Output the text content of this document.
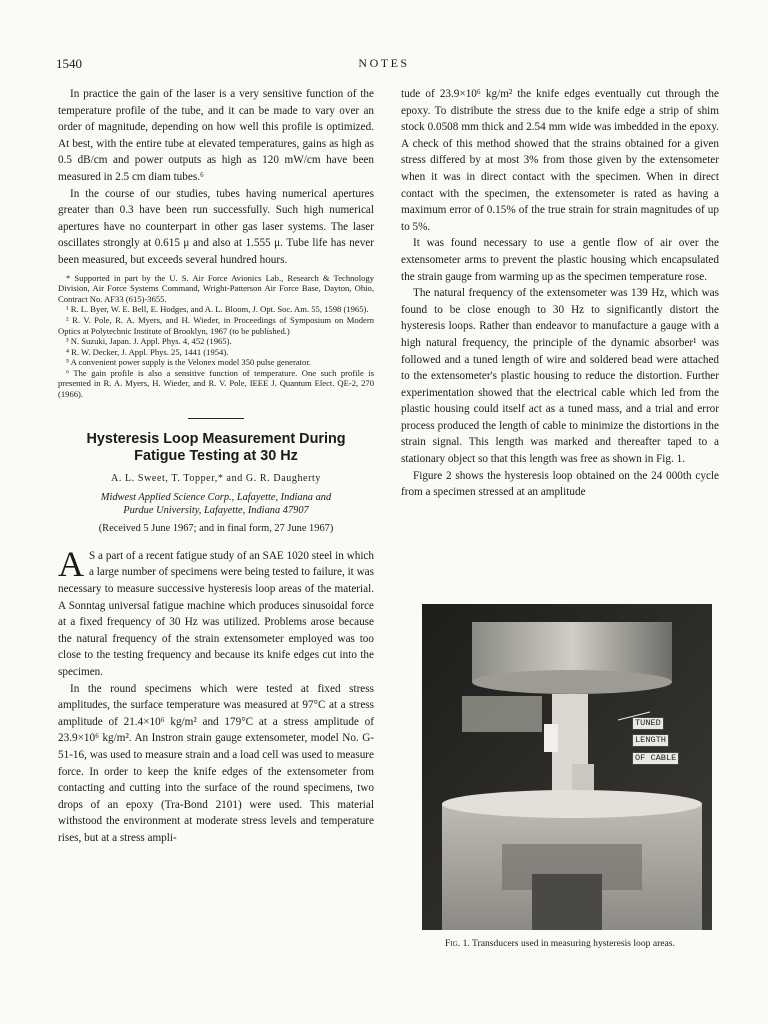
1540	NOTES

In practice the gain of the laser is a very sensitive function of the temperature profile of the tube, and it can be made to vary over an order of magnitude, depending on how well this profile is optimized. At best, with the entire tube at elevated temperatures, gains as high as 0.5 dB/cm and power outputs as high as 120 mW/cm have been measured in 2.5 cm diam tubes.⁶

In the course of our studies, tubes having numerical apertures greater than 0.3 have been run successfully. Such high numerical apertures have no counterpart in other gas laser systems. The laser oscillates strongly at 0.615 μ and also at 1.555 μ. Tube life has never been measured, but exceeds several hundred hours.

* Supported in part by the U. S. Air Force Avionics Lab., Research & Technology Division, Air Force Systems Command, Wright-Patterson Air Force Base, Dayton, Ohio, Contract No. AF33 (615)-3655.
¹ R. L. Byer, W. E. Bell, E. Hodges, and A. L. Bloom, J. Opt. Soc. Am. 55, 1598 (1965).
² R. V. Pole, R. A. Myers, and H. Wieder, in Proceedings of Symposium on Modern Optics at Polytechnic Institute of Brooklyn, 1967 (to be published.)
³ N. Suzuki, Japan. J. Appl. Phys. 4, 452 (1965).
⁴ R. W. Decker, J. Appl. Phys. 25, 1441 (1954).
⁵ A convenient power supply is the Velonex model 350 pulse generator.
⁶ The gain profile is also a sensitive function of temperature. One such profile is presented in R. A. Myers, H. Wieder, and R. V. Pole, IEEE J. Quantum Elect. QE-2, 270 (1966).
Hysteresis Loop Measurement During Fatigue Testing at 30 Hz
A. L. Sweet, T. Topper,* and G. R. Daugherty
Midwest Applied Science Corp., Lafayette, Indiana and
Purdue University, Lafayette, Indiana 47907
(Received 5 June 1967; and in final form, 27 June 1967)

A S a part of a recent fatigue study of an SAE 1020 steel in which a large number of specimens were being tested to failure, it was necessary to measure successive hysteresis loop areas of the material. A Sonntag universal fatigue machine which produces sinusoidal force at a fixed frequency of 30 Hz was utilized. Problems arose because the natural frequency of the strain extensometer employed was too close to the testing frequency and because its knife edges cut into the specimen.

In the round specimens which were tested at fixed stress amplitudes, the surface temperature was measured at 97°C at a stress amplitude of 21.4×10⁶ kg/m² and 179°C at a stress amplitude of 23.9×10⁶ kg/m². An Instron strain gauge extensometer, model No. G-51-16, was used to measure strain and a load cell was used to measure force. In order to keep the knife edges of the extensometer from contacting and cutting into the surface of the round specimens, two drops of an epoxy (Tra-Bond 2101) were used. This material withstood the environment at moderate stress levels and temperature rises, but at a stress ampli-

tude of 23.9×10⁶ kg/m² the knife edges eventually cut through the epoxy. To distribute the stress due to the knife edge a strip of shim stock 0.0508 mm thick and 2.54 mm wide was imbedded in the epoxy. A check of this method showed that the strains obtained for a given stress differed by at most 3% from those given by the extensometer when it was in direct contact with the specimen. When in direct contact with the specimen, the extensometer is rated as having a maximum error of 0.15% of the true strain for strain magnitudes of up to 5%.

It was found necessary to use a gentle flow of air over the extensometer arms to prevent the plastic housing which encapsulated the strain gauge from warming up as the specimen temperature rose.

The natural frequency of the extensometer was 139 Hz, which was found to be close enough to 30 Hz to significantly distort the hysteresis loops. Rather than endeavor to manufacture a gauge with a high natural frequency, the principle of the dynamic absorber¹ was followed and a tuned length of wire and soldered bead were attached to the extensometer's plastic housing to reduce the distortion. Further experimentation showed that the electrical cable which led from the plastic housing could itself act as a tuned mass, and a trial and error process produced the length of cable to minimize the distortions in the strain signal. This length was marked and thereafter taped to a stationary object so that this length was free as shown in Fig. 1.

Figure 2 shows the hysteresis loop obtained on the 24 000th cycle from a specimen stressed at an amplitude

TUNED
LENGTH
OF CABLE
Fig. 1. Transducers used in measuring hysteresis loop areas.
